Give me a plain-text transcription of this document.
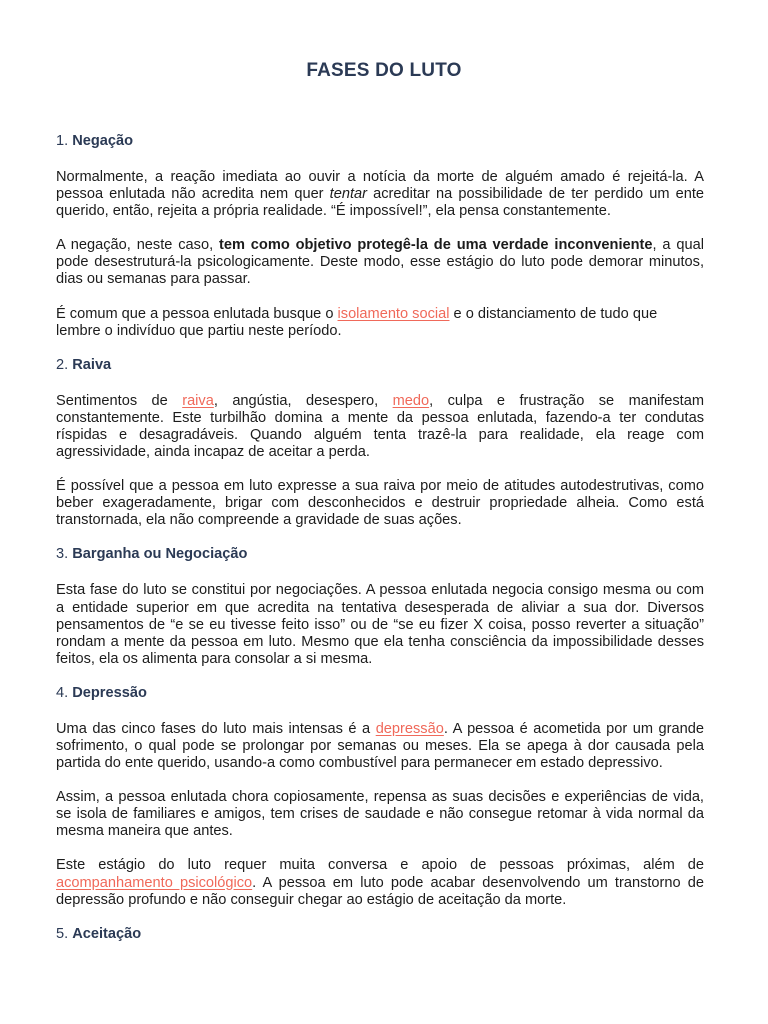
FASES DO LUTO
1. Negação

Normalmente, a reação imediata ao ouvir a notícia da morte de alguém amado é rejeitá-la. A pessoa enlutada não acredita nem quer tentar acreditar na possibilidade de ter perdido um ente querido, então, rejeita a própria realidade. “É impossível!”, ela pensa constantemente.

A negação, neste caso, tem como objetivo protegê-la de uma verdade inconveniente, a qual pode desestruturá-la psicologicamente. Deste modo, esse estágio do luto pode demorar minutos, dias ou semanas para passar.

É comum que a pessoa enlutada busque o isolamento social e o distanciamento de tudo que lembre o indivíduo que partiu neste período.

2. Raiva

Sentimentos de raiva, angústia, desespero, medo, culpa e frustração se manifestam constantemente. Este turbilhão domina a mente da pessoa enlutada, fazendo-a ter condutas ríspidas e desagradáveis. Quando alguém tenta trazê-la para realidade, ela reage com agressividade, ainda incapaz de aceitar a perda.

É possível que a pessoa em luto expresse a sua raiva por meio de atitudes autodestrutivas, como beber exageradamente, brigar com desconhecidos e destruir propriedade alheia. Como está transtornada, ela não compreende a gravidade de suas ações.

3. Barganha ou Negociação

Esta fase do luto se constitui por negociações. A pessoa enlutada negocia consigo mesma ou com a entidade superior em que acredita na tentativa desesperada de aliviar a sua dor. Diversos pensamentos de “e se eu tivesse feito isso” ou de “se eu fizer X coisa, posso reverter a situação” rondam a mente da pessoa em luto. Mesmo que ela tenha consciência da impossibilidade desses feitos, ela os alimenta para consolar a si mesma.

4. Depressão

Uma das cinco fases do luto mais intensas é a depressão. A pessoa é acometida por um grande sofrimento, o qual pode se prolongar por semanas ou meses. Ela se apega à dor causada pela partida do ente querido, usando-a como combustível para permanecer em estado depressivo.

Assim, a pessoa enlutada chora copiosamente, repensa as suas decisões e experiências de vida, se isola de familiares e amigos, tem crises de saudade e não consegue retomar à vida normal da mesma maneira que antes.

Este estágio do luto requer muita conversa e apoio de pessoas próximas, além de acompanhamento psicológico. A pessoa em luto pode acabar desenvolvendo um transtorno de depressão profundo e não conseguir chegar ao estágio de aceitação da morte.

5. Aceitação
